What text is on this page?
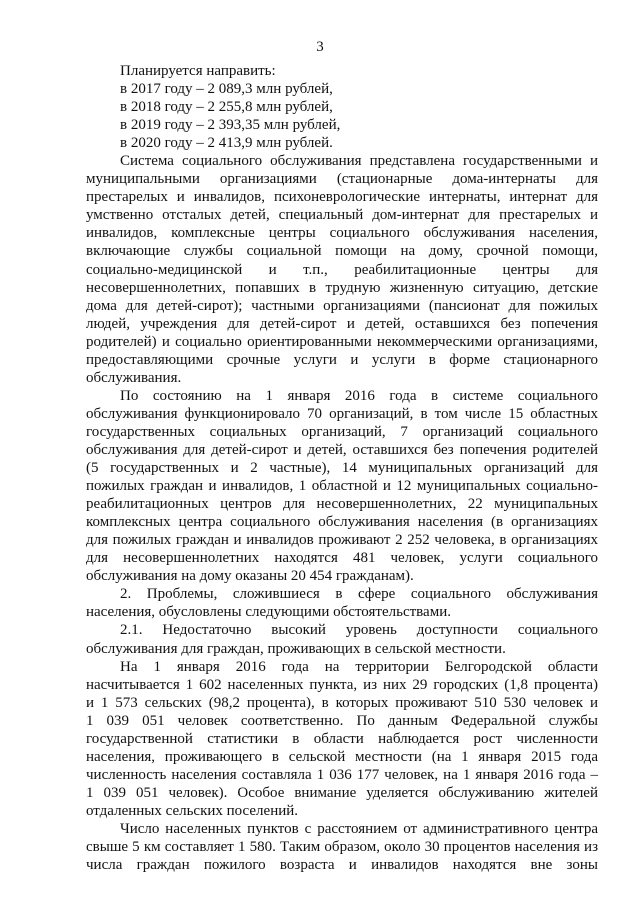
3
Планируется направить:
в 2017 году – 2 089,3 млн рублей,
в 2018 году – 2 255,8 млн рублей,
в 2019 году – 2 393,35 млн рублей,
в 2020 году – 2 413,9 млн рублей.
Система социального обслуживания представлена государственными и
муниципальными организациями (стационарные дома-интернаты для
престарелых и инвалидов, психоневрологические интернаты, интернат для
умственно отсталых детей, специальный дом-интернат для престарелых и
инвалидов, комплексные центры социального обслуживания населения,
включающие службы социальной помощи на дому, срочной помощи,
социально-медицинской и т.п., реабилитационные центры для
несовершеннолетних, попавших в трудную жизненную ситуацию, детские
дома для детей-сирот); частными организациями (пансионат для пожилых
людей, учреждения для детей-сирот и детей, оставшихся без попечения
родителей) и социально ориентированными некоммерческими организациями,
предоставляющими срочные услуги и услуги в форме стационарного
обслуживания.
По состоянию на 1 января 2016 года в системе социального
обслуживания функционировало 70 организаций, в том числе 15 областных
государственных социальных организаций, 7 организаций социального
обслуживания для детей-сирот и детей, оставшихся без попечения родителей
(5 государственных и 2 частные), 14 муниципальных организаций для
пожилых граждан и инвалидов, 1 областной и 12 муниципальных социально-
реабилитационных центров для несовершеннолетних, 22 муниципальных
комплексных центра социального обслуживания населения (в организациях
для пожилых граждан и инвалидов проживают 2 252 человека, в организациях
для несовершеннолетних находятся 481 человек, услуги социального
обслуживания на дому оказаны 20 454 гражданам).
2. Проблемы, сложившиеся в сфере социального обслуживания
населения, обусловлены следующими обстоятельствами.
2.1. Недостаточно высокий уровень доступности социального
обслуживания для граждан, проживающих в сельской местности.
На 1 января 2016 года на территории Белгородской области
насчитывается 1 602 населенных пункта, из них 29 городских (1,8 процента)
и 1 573 сельских (98,2 процента), в которых проживают 510 530 человек и
1 039 051 человек соответственно. По данным Федеральной службы
государственной статистики в области наблюдается рост численности
населения, проживающего в сельской местности (на 1 января 2015 года
численность населения составляла 1 036 177 человек, на 1 января 2016 года –
1 039 051 человек). Особое внимание уделяется обслуживанию жителей
отдаленных сельских поселений.
Число населенных пунктов с расстоянием от административного центра
свыше 5 км составляет 1 580. Таким образом, около 30 процентов населения из
числа граждан пожилого возраста и инвалидов находятся вне зоны
